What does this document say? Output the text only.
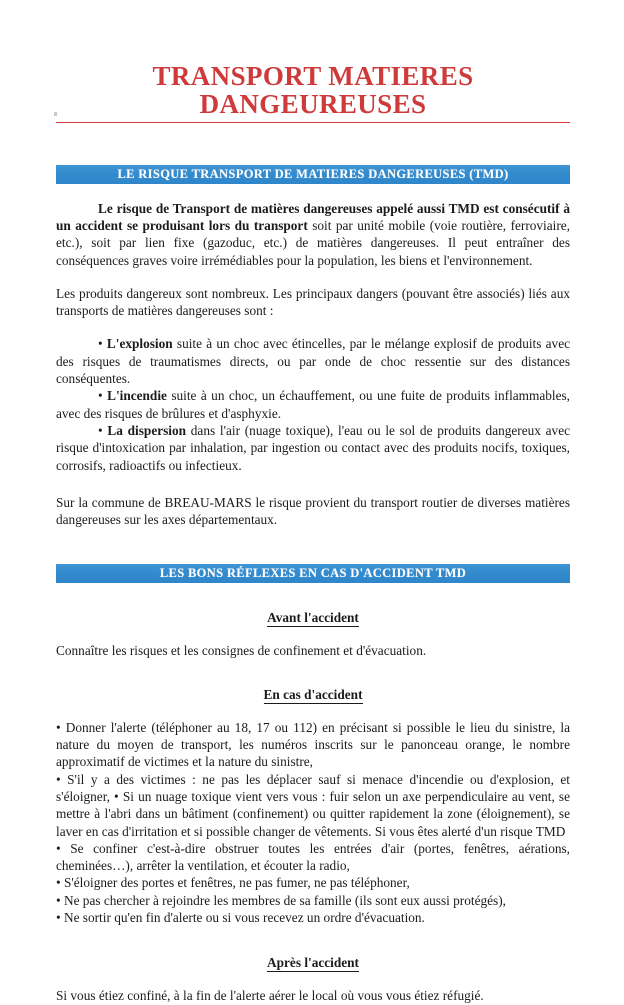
TRANSPORT MATIERES DANGEUREUSES
LE RISQUE TRANSPORT DE MATIERES DANGEREUSES (TMD)

Le risque de Transport de matières dangereuses appelé aussi TMD est consécutif à un accident se produisant lors du transport soit par unité mobile (voie routière, ferroviaire, etc.), soit par lien fixe (gazoduc, etc.) de matières dangereuses. Il peut entraîner des conséquences graves voire irrémédiables pour la population, les biens et l'environnement.

Les produits dangereux sont nombreux. Les principaux dangers (pouvant être associés) liés aux transports de matières dangereuses sont :

• L'explosion suite à un choc avec étincelles, par le mélange explosif de produits avec des risques de traumatismes directs, ou par onde de choc ressentie sur des distances conséquentes.

• L'incendie suite à un choc, un échauffement, ou une fuite de produits inflammables, avec des risques de brûlures et d'asphyxie.

• La dispersion dans l'air (nuage toxique), l'eau ou le sol de produits dangereux avec risque d'intoxication par inhalation, par ingestion ou contact avec des produits nocifs, toxiques, corrosifs, radioactifs ou infectieux.

Sur la commune de BREAU-MARS le risque provient du transport routier de diverses matières dangereuses sur les axes départementaux.

LES BONS RÉFLEXES EN CAS D'ACCIDENT TMD

Avant l'accident

Connaître les risques et les consignes de confinement et d'évacuation.

En cas d'accident

• Donner l'alerte (téléphoner au 18, 17 ou 112) en précisant si possible le lieu du sinistre, la nature du moyen de transport, les numéros inscrits sur le panonceau orange, le nombre approximatif de victimes et la nature du sinistre,

• S'il y a des victimes : ne pas les déplacer sauf si menace d'incendie ou d'explosion, et s'éloigner, • Si un nuage toxique vient vers vous : fuir selon un axe perpendiculaire au vent, se mettre à l'abri dans un bâtiment (confinement) ou quitter rapidement la zone (éloignement), se laver en cas d'irritation et si possible changer de vêtements. Si vous êtes alerté d'un risque TMD

• Se confiner c'est-à-dire obstruer toutes les entrées d'air (portes, fenêtres, aérations, cheminées…), arrêter la ventilation, et écouter la radio,

• S'éloigner des portes et fenêtres, ne pas fumer, ne pas téléphoner,

• Ne pas chercher à rejoindre les membres de sa famille (ils sont eux aussi protégés),

• Ne sortir qu'en fin d'alerte ou si vous recevez un ordre d'évacuation.

Après l'accident

Si vous étiez confiné, à la fin de l'alerte aérer le local où vous vous étiez réfugié.
